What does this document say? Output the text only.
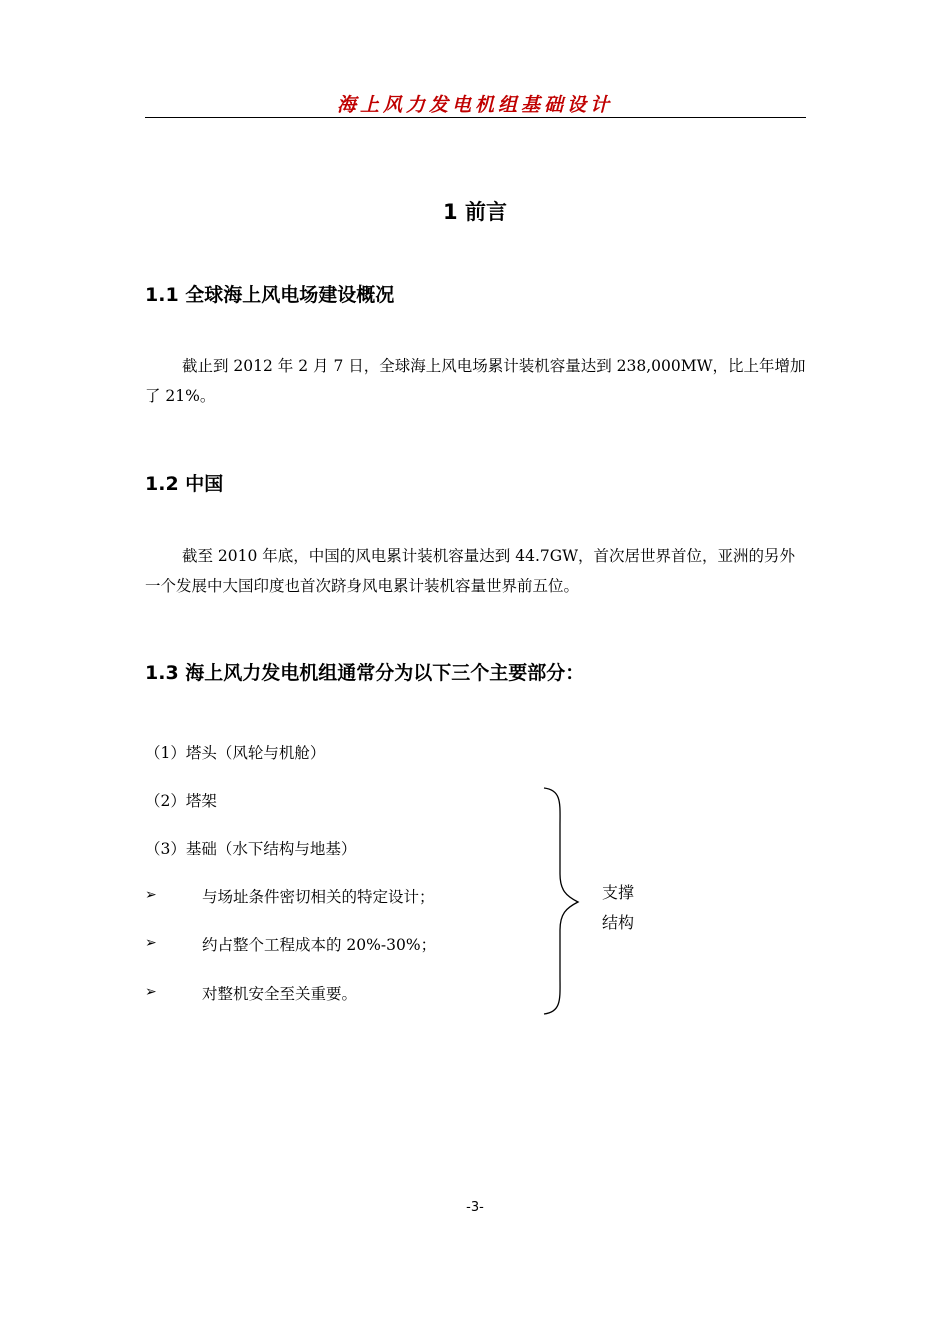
海上风力发电机组基础设计
1 前言
1.1 全球海上风电场建设概况

截止到 2012 年 2 月 7 日，全球海上风电场累计装机容量达到 238,000MW，比上年增加了 21%。

1.2 中国

截至 2010 年底，中国的风电累计装机容量达到 44.7GW，首次居世界首位，亚洲的另外一个发展中大国印度也首次跻身风电累计装机容量世界前五位。

1.3 海上风力发电机组通常分为以下三个主要部分：
（1）塔头（风轮与机舱）
（2）塔架
（3）基础（水下结构与地基）
➢	与场址条件密切相关的特定设计；
➢	约占整个工程成本的 20%-30%；
➢	对整机安全至关重要。
支撑
结构
-3-
